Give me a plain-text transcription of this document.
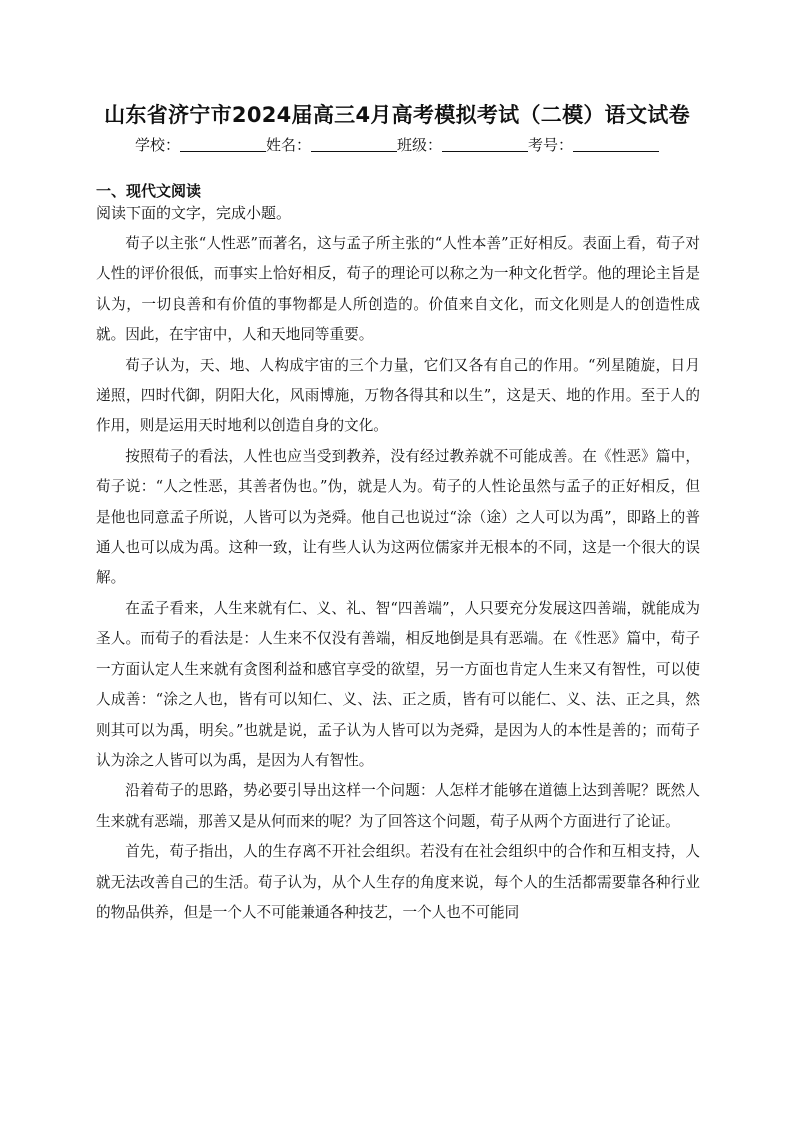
山东省济宁市2024届高三4月高考模拟考试（二模）语文试卷
学校：	姓名：	班级：	考号：
一、现代文阅读
阅读下面的文字，完成小题。

荀子以主张“人性恶”而著名，这与孟子所主张的“人性本善”正好相反。表面上看，荀子对人性的评价很低，而事实上恰好相反，荀子的理论可以称之为一种文化哲学。他的理论主旨是认为，一切良善和有价值的事物都是人所创造的。价值来自文化，而文化则是人的创造性成就。因此，在宇宙中，人和天地同等重要。

荀子认为，天、地、人构成宇宙的三个力量，它们又各有自己的作用。“列星随旋，日月递照，四时代御，阴阳大化，风雨博施，万物各得其和以生”，这是天、地的作用。至于人的作用，则是运用天时地利以创造自身的文化。

按照荀子的看法，人性也应当受到教养，没有经过教养就不可能成善。在《性恶》篇中，荀子说：“人之性恶，其善者伪也。”伪，就是人为。荀子的人性论虽然与孟子的正好相反，但是他也同意孟子所说，人皆可以为尧舜。他自己也说过“涂（途）之人可以为禹”，即路上的普通人也可以成为禹。这种一致，让有些人认为这两位儒家并无根本的不同，这是一个很大的误解。

在孟子看来，人生来就有仁、义、礼、智“四善端”，人只要充分发展这四善端，就能成为圣人。而荀子的看法是：人生来不仅没有善端，相反地倒是具有恶端。在《性恶》篇中，荀子一方面认定人生来就有贪图利益和感官享受的欲望，另一方面也肯定人生来又有智性，可以使人成善：“涂之人也，皆有可以知仁、义、法、正之质，皆有可以能仁、义、法、正之具，然则其可以为禹，明矣。”也就是说，孟子认为人皆可以为尧舜，是因为人的本性是善的；而荀子认为涂之人皆可以为禹，是因为人有智性。

沿着荀子的思路，势必要引导出这样一个问题：人怎样才能够在道德上达到善呢？既然人生来就有恶端，那善又是从何而来的呢？为了回答这个问题，荀子从两个方面进行了论证。

首先，荀子指出，人的生存离不开社会组织。若没有在社会组织中的合作和互相支持，人就无法改善自己的生活。荀子认为，从个人生存的角度来说，每个人的生活都需要靠各种行业的物品供养，但是一个人不可能兼通各种技艺，一个人也不可能同
